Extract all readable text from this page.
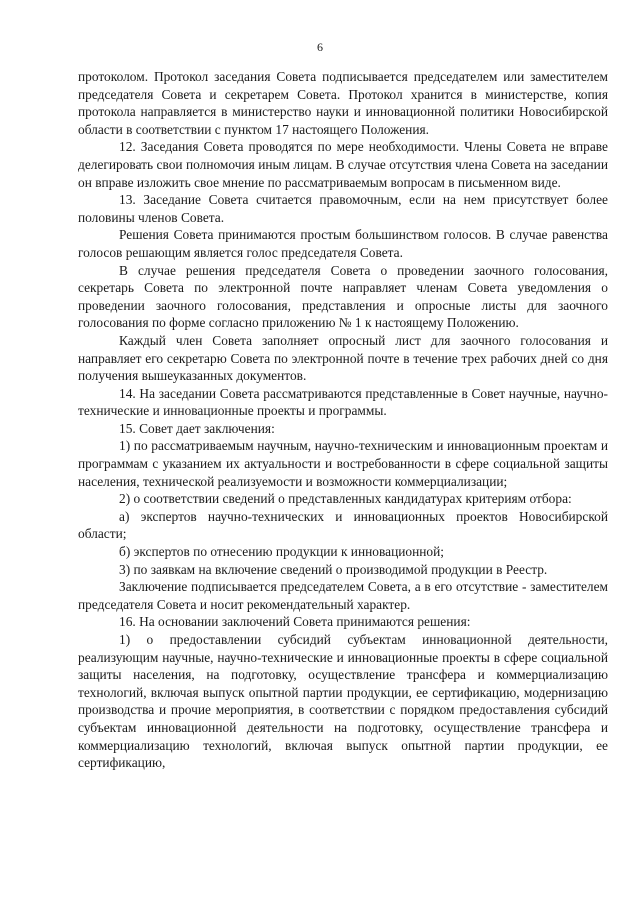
6

протоколом. Протокол заседания Совета подписывается председателем или заместителем председателя Совета и секретарем Совета. Протокол хранится в министерстве, копия протокола направляется в министерство науки и инновационной политики Новосибирской области в соответствии с пунктом 17 настоящего Положения.

12. Заседания Совета проводятся по мере необходимости. Члены Совета не вправе делегировать свои полномочия иным лицам. В случае отсутствия члена Совета на заседании он вправе изложить свое мнение по рассматриваемым вопросам в письменном виде.

13. Заседание Совета считается правомочным, если на нем присутствует более половины членов Совета.

Решения Совета принимаются простым большинством голосов. В случае равенства голосов решающим является голос председателя Совета.

В случае решения председателя Совета о проведении заочного голосования, секретарь Совета по электронной почте направляет членам Совета уведомления о проведении заочного голосования, представления и опросные листы для заочного голосования по форме согласно приложению № 1 к настоящему Положению.

Каждый член Совета заполняет опросный лист для заочного голосования и направляет его секретарю Совета по электронной почте в течение трех рабочих дней со дня получения вышеуказанных документов.

14. На заседании Совета рассматриваются представленные в Совет научные, научно-технические и инновационные проекты и программы.

15. Совет дает заключения:

1) по рассматриваемым научным, научно-техническим и инновационным проектам и программам с указанием их актуальности и востребованности в сфере социальной защиты населения, технической реализуемости и возможности коммерциализации;

2) о соответствии сведений о представленных кандидатурах критериям отбора:

а) экспертов научно-технических и инновационных проектов Новосибирской области;

б) экспертов по отнесению продукции к инновационной;

3) по заявкам на включение сведений о производимой продукции в Реестр.

Заключение подписывается председателем Совета, а в его отсутствие - заместителем председателя Совета и носит рекомендательный характер.

16. На основании заключений Совета принимаются решения:

1) о предоставлении субсидий субъектам инновационной деятельности, реализующим научные, научно-технические и инновационные проекты в сфере социальной защиты населения, на подготовку, осуществление трансфера и коммерциализацию технологий, включая выпуск опытной партии продукции, ее сертификацию, модернизацию производства и прочие мероприятия, в соответствии с порядком предоставления субсидий субъектам инновационной деятельности на подготовку, осуществление трансфера и коммерциализацию технологий, включая выпуск опытной партии продукции, ее сертификацию,
